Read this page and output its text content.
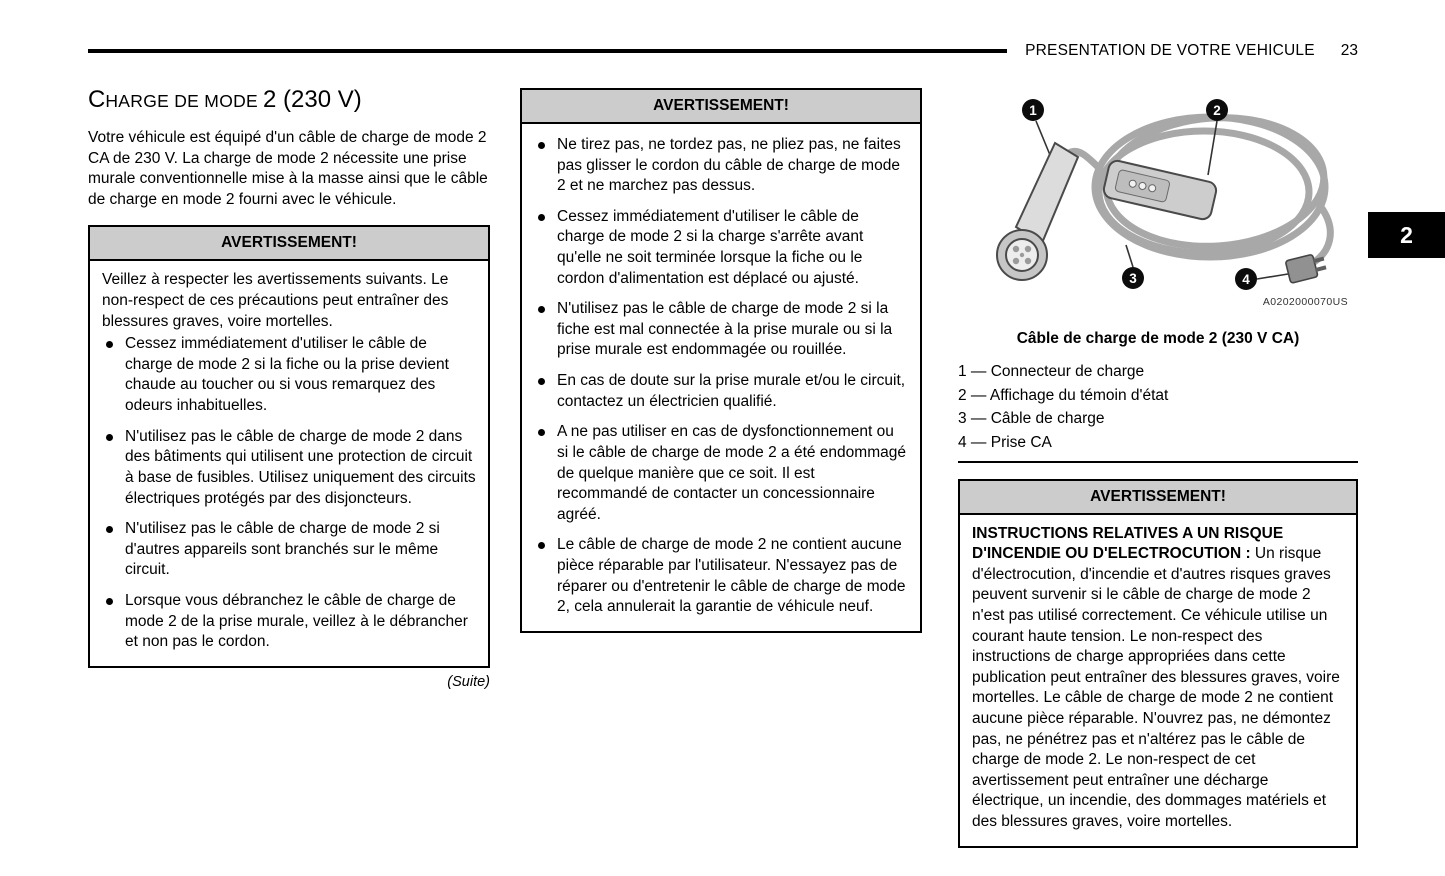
PRESENTATION DE VOTRE VEHICULE 23
2
CHARGE DE MODE 2 (230 V)

Votre véhicule est équipé d'un câble de charge de mode 2 CA de 230 V. La charge de mode 2 nécessite une prise murale conventionnelle mise à la masse ainsi que le câble de charge en mode 2 fourni avec le véhicule.

AVERTISSEMENT!

Veillez à respecter les avertissements suivants. Le non-respect de ces précautions peut entraîner des blessures graves, voire mortelles.

Cessez immédiatement d'utiliser le câble de charge de mode 2 si la fiche ou la prise devient chaude au toucher ou si vous remarquez des odeurs inhabituelles.
N'utilisez pas le câble de charge de mode 2 dans des bâtiments qui utilisent une protection de circuit à base de fusibles. Utilisez uniquement des circuits électriques protégés par des disjoncteurs.
N'utilisez pas le câble de charge de mode 2 si d'autres appareils sont branchés sur le même circuit.
Lorsque vous débranchez le câble de charge de mode 2 de la prise murale, veillez à le débrancher et non pas le cordon.
(Suite)
AVERTISSEMENT!
Ne tirez pas, ne tordez pas, ne pliez pas, ne faites pas glisser le cordon du câble de charge de mode 2 et ne marchez pas dessus.
Cessez immédiatement d'utiliser le câble de charge de mode 2 si la charge s'arrête avant qu'elle ne soit terminée lorsque la fiche ou le cordon d'alimentation est déplacé ou ajusté.
N'utilisez pas le câble de charge de mode 2 si la fiche est mal connectée à la prise murale ou si la prise murale est endommagée ou rouillée.
En cas de doute sur la prise murale et/ou le circuit, contactez un électricien qualifié.
A ne pas utiliser en cas de dysfonctionnement ou si le câble de charge de mode 2 a été endommagé de quelque manière que ce soit. Il est recommandé de contacter un concessionnaire agréé.
Le câble de charge de mode 2 ne contient aucune pièce réparable par l'utilisateur. N'essayez pas de réparer ou d'entretenir le câble de charge de mode 2, cela annulerait la garantie de véhicule neuf.
1	2
3	4
A0202000070US
Câble de charge de mode 2 (230 V CA)
1 — Connecteur de charge
2 — Affichage du témoin d'état
3 — Câble de charge
4 — Prise CA
AVERTISSEMENT!

INSTRUCTIONS RELATIVES A UN RISQUE D'INCENDIE OU D'ELECTROCUTION : Un risque d'électrocution, d'incendie et d'autres risques graves peuvent survenir si le câble de charge de mode 2 n'est pas utilisé correctement. Ce véhicule utilise un courant haute tension. Le non-respect des instructions de charge appropriées dans cette publication peut entraîner des blessures graves, voire mortelles. Le câble de charge de mode 2 ne contient aucune pièce réparable. N'ouvrez pas, ne démontez pas, ne pénétrez pas et n'altérez pas le câble de charge de mode 2. Le non-respect de cet avertissement peut entraîner une décharge électrique, un incendie, des dommages matériels et des blessures graves, voire mortelles.
